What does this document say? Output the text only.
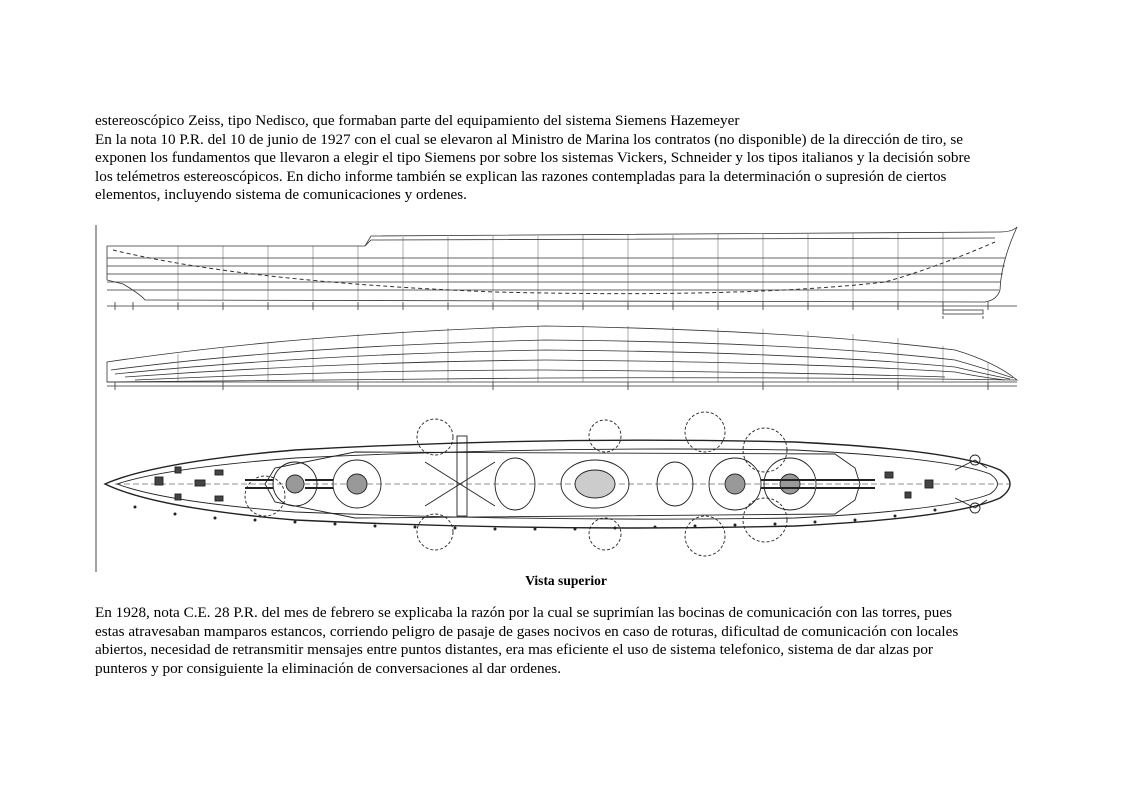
estereoscópico Zeiss, tipo Nedisco, que formaban parte del equipamiento del sistema Siemens Hazemeyer

En la nota 10 P.R. del 10 de junio de 1927 con el cual se elevaron al Ministro de Marina los contratos (no disponible) de la dirección de tiro, se

exponen los fundamentos que llevaron a elegir el tipo Siemens por sobre los sistemas Vickers, Schneider y los tipos italianos y la decisión sobre

los telémetros estereoscópicos. En dicho informe también se explican las razones contempladas para la determinación o supresión de ciertos

elementos, incluyendo sistema de comunicaciones y ordenes.

Vista superior

En 1928, nota C.E. 28 P.R. del mes de febrero se explicaba la razón por la cual se suprimían las bocinas de comunicación con las torres, pues

estas atravesaban mamparos estancos, corriendo peligro de pasaje de gases nocivos en caso de roturas, dificultad de comunicación con locales

abiertos, necesidad de retransmitir mensajes entre puntos distantes, era mas eficiente el uso de sistema telefonico, sistema de dar alzas por

punteros y por consiguiente la eliminación de conversaciones al dar ordenes.
